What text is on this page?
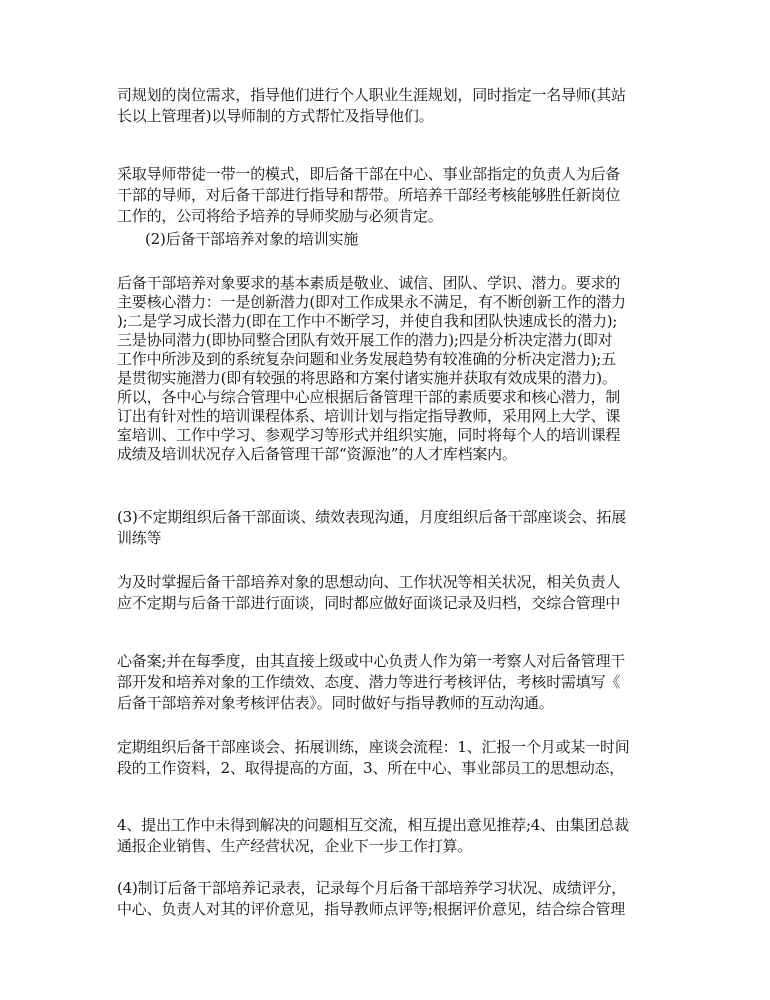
司规划的岗位需求，指导他们进行个人职业生涯规划，同时指定一名导师(其站
长以上管理者)以导师制的方式帮忙及指导他们。
采取导师带徒一带一的模式，即后备干部在中心、事业部指定的负责人为后备
干部的导师，对后备干部进行指导和帮带。所培养干部经考核能够胜任新岗位
工作的，公司将给予培养的导师奖励与必须肯定。
(2)后备干部培养对象的培训实施
后备干部培养对象要求的基本素质是敬业、诚信、团队、学识、潜力。要求的
主要核心潜力：一是创新潜力(即对工作成果永不满足，有不断创新工作的潜力
);二是学习成长潜力(即在工作中不断学习，并使自我和团队快速成长的潜力);
三是协同潜力(即协同整合团队有效开展工作的潜力);四是分析决定潜力(即对
工作中所涉及到的系统复杂问题和业务发展趋势有较准确的分析决定潜力);五
是贯彻实施潜力(即有较强的将思路和方案付诸实施并获取有效成果的潜力)。
所以，各中心与综合管理中心应根据后备管理干部的素质要求和核心潜力，制
订出有针对性的培训课程体系、培训计划与指定指导教师，采用网上大学、课
室培训、工作中学习、参观学习等形式并组织实施，同时将每个人的培训课程
成绩及培训状况存入后备管理干部“资源池”的人才库档案内。
(3)不定期组织后备干部面谈、绩效表现沟通，月度组织后备干部座谈会、拓展
训练等
为及时掌握后备干部培养对象的思想动向、工作状况等相关状况，相关负责人
应不定期与后备干部进行面谈，同时都应做好面谈记录及归档，交综合管理中
心备案;并在每季度，由其直接上级或中心负责人作为第一考察人对后备管理干
部开发和培养对象的工作绩效、态度、潜力等进行考核评估，考核时需填写《
后备干部培养对象考核评估表》。同时做好与指导教师的互动沟通。
定期组织后备干部座谈会、拓展训练，座谈会流程：1、汇报一个月或某一时间
段的工作资料，2、取得提高的方面，3、所在中心、事业部员工的思想动态，
4、提出工作中未得到解决的问题相互交流，相互提出意见推荐;4、由集团总裁
通报企业销售、生产经营状况，企业下一步工作打算。
(4)制订后备干部培养记录表，记录每个月后备干部培养学习状况、成绩评分，
中心、负责人对其的评价意见，指导教师点评等;根据评价意见，结合综合管理
